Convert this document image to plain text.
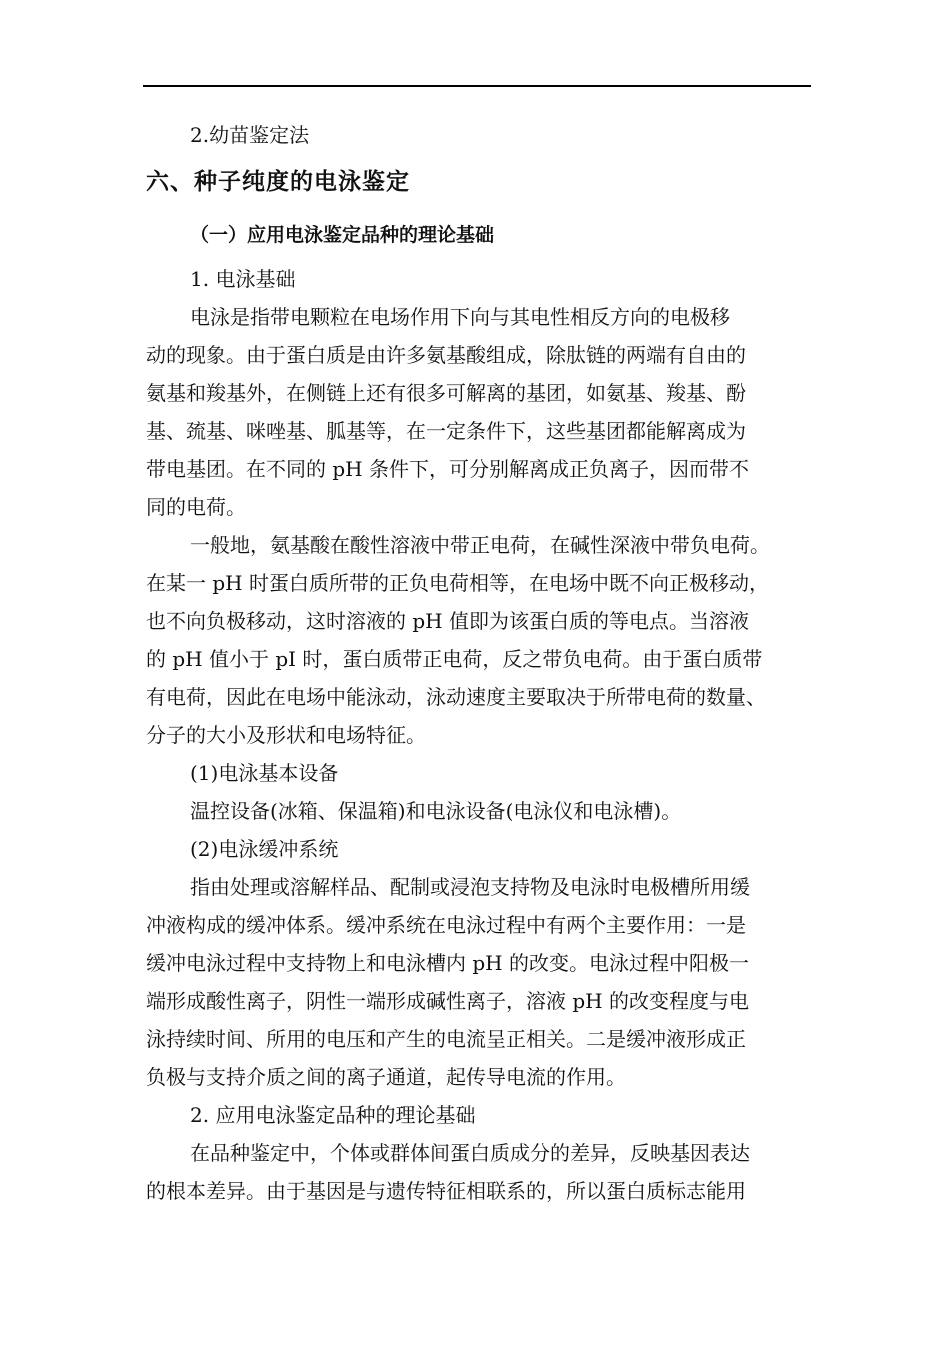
2.幼苗鉴定法

六、种子纯度的电泳鉴定
（一）应用电泳鉴定品种的理论基础

1. 电泳基础

电泳是指带电颗粒在电场作用下向与其电性相反方向的电极移

动的现象。由于蛋白质是由许多氨基酸组成，除肽链的两端有自由的

氨基和羧基外，在侧链上还有很多可解离的基团，如氨基、羧基、酚

基、巯基、咪唑基、胍基等，在一定条件下，这些基团都能解离成为

带电基团。在不同的 pH 条件下，可分别解离成正负离子，因而带不

同的电荷。

一般地，氨基酸在酸性溶液中带正电荷，在碱性深液中带负电荷。

在某一 pH 时蛋白质所带的正负电荷相等，在电场中既不向正极移动，

也不向负极移动，这时溶液的 pH 值即为该蛋白质的等电点。当溶液

的 pH 值小于 pI 时，蛋白质带正电荷，反之带负电荷。由于蛋白质带

有电荷，因此在电场中能泳动，泳动速度主要取决于所带电荷的数量、

分子的大小及形状和电场特征。

(1)电泳基本设备

温控设备(冰箱、保温箱)和电泳设备(电泳仪和电泳槽)。

(2)电泳缓冲系统

指由处理或溶解样品、配制或浸泡支持物及电泳时电极槽所用缓

冲液构成的缓冲体系。缓冲系统在电泳过程中有两个主要作用：一是

缓冲电泳过程中支持物上和电泳槽内 pH 的改变。电泳过程中阳极一

端形成酸性离子，阴性一端形成碱性离子，溶液 pH 的改变程度与电

泳持续时间、所用的电压和产生的电流呈正相关。二是缓冲液形成正

负极与支持介质之间的离子通道，起传导电流的作用。

2. 应用电泳鉴定品种的理论基础

在品种鉴定中，个体或群体间蛋白质成分的差异，反映基因表达

的根本差异。由于基因是与遗传特征相联系的，所以蛋白质标志能用
